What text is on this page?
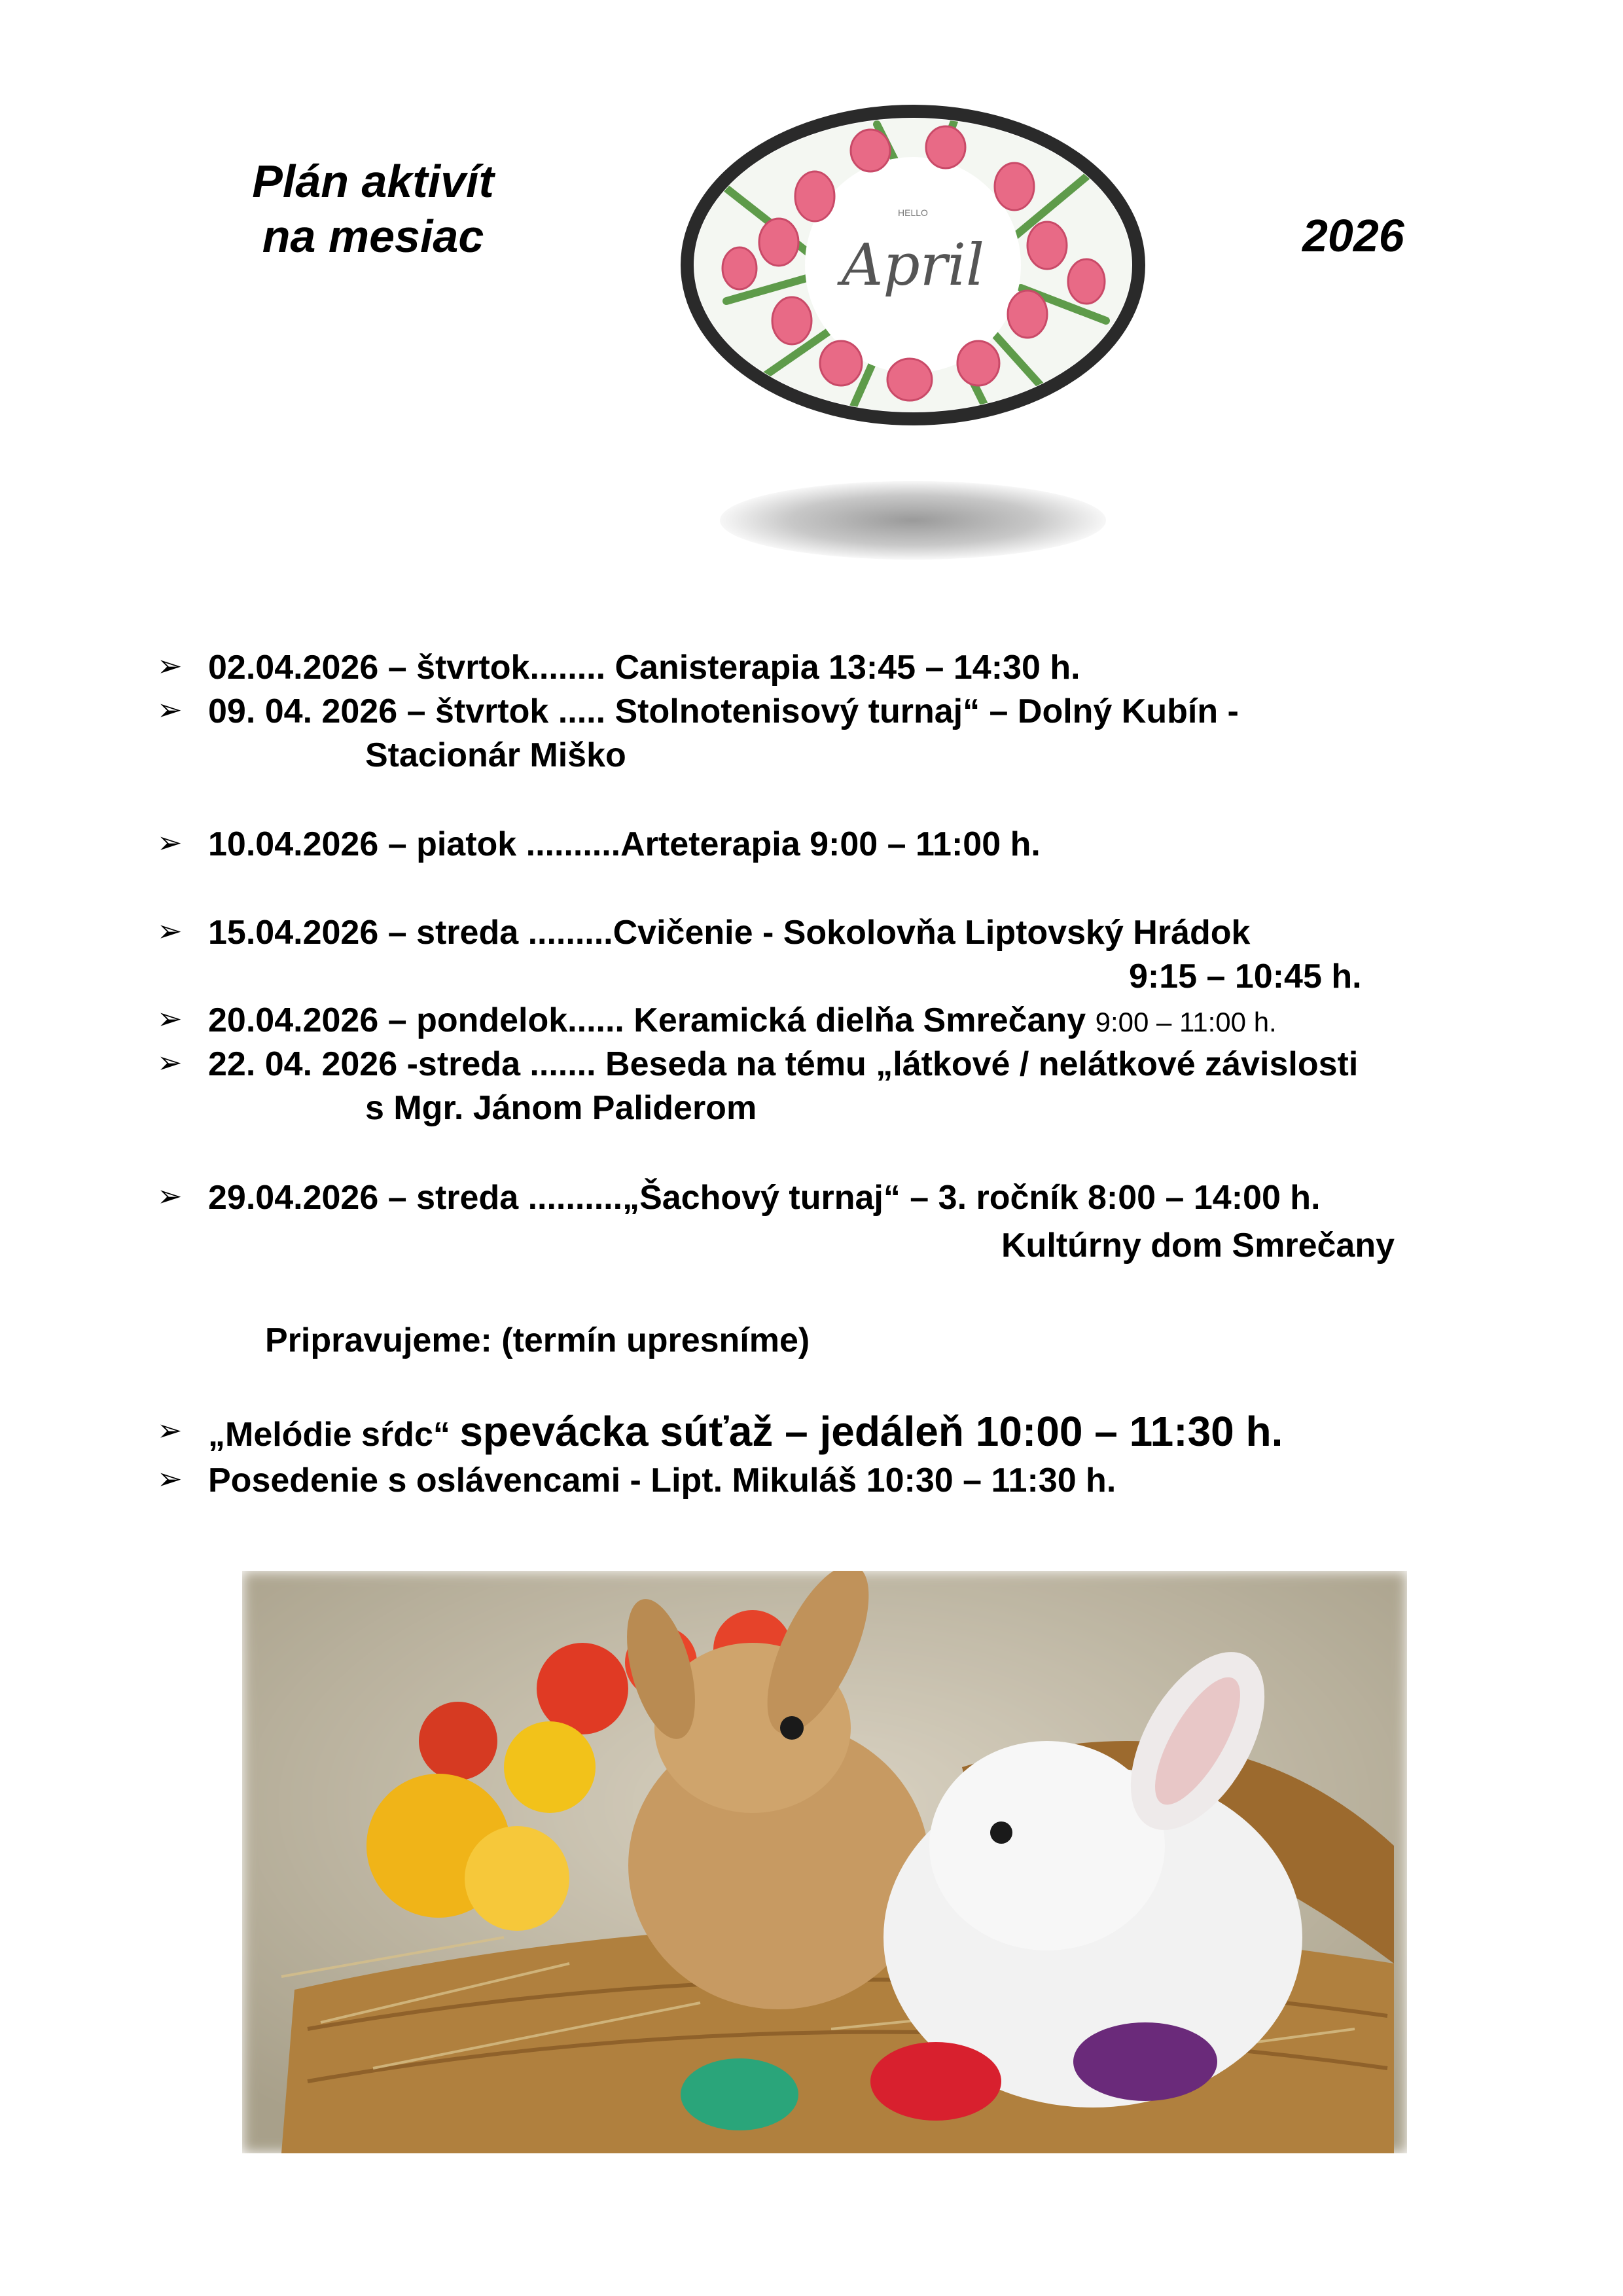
Plán aktivít
na mesiac	2026
HELLO
April
➢ 02.04.2026 – štvrtok........ Canisterapia 13:45 – 14:30 h.
➢ 09. 04. 2026 – štvrtok ..... Stolnotenisový turnaj“ – Dolný Kubín -
Stacionár Miško
➢ 10.04.2026 – piatok ..........Arteterapia 9:00 – 11:00 h.
➢ 15.04.2026 – streda .........Cvičenie - Sokolovňa Liptovský Hrádok
9:15 – 10:45 h.
➢ 20.04.2026 – pondelok...... Keramická dielňa Smrečany 9:00 – 11:00 h.
➢ 22. 04. 2026 -streda ....... Beseda na tému „látkové / nelátkové závislosti
s Mgr. Jánom Paliderom
➢ 29.04.2026 – streda ..........„Šachový turnaj“ – 3. ročník 8:00 – 14:00 h.
Kultúrny dom Smrečany
Pripravujeme: (termín upresníme)
➢ „Melódie sŕdc“ spevácka súťaž – jedáleň 10:00 – 11:30 h.
➢ Posedenie s oslávencami - Lipt. Mikuláš 10:30 – 11:30 h.
